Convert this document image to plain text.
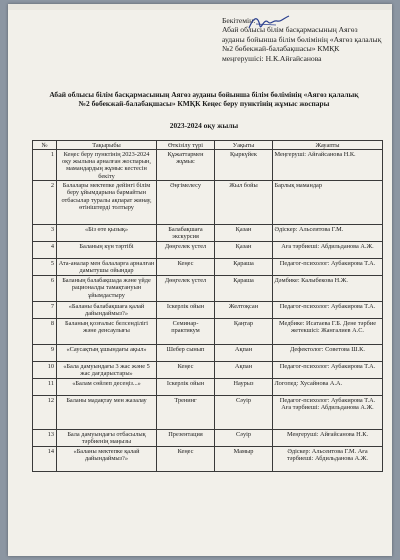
Бекітемін:
Абай облысы білім басқармасының Аягөз
ауданы бойынша білім бөлімінің «Аягөз қалалық
№2 бөбекжай-балабақшасы» КМҚК
меңгерушісі: Н.К.Айғайсанова
Абай облысы білім басқармасының Аягөз ауданы бойынша білім бөлімінің «Аягөз қалалық
№2 бөбекжай-балабақшасы» КМҚК Кеңес беру пунктінің жұмыс жоспары
2023-2024 оқу жылы
№	Тақырыбы	Өткізілу түрі	Уақыты	Жауапты
1	Кеңес беру пунктінің 2023-2024 оқу жылына арналған жоспарын, мамандардың жұмыс кестесін бекіту	Құжаттармен жұмыс	Қыркүйек	Меңгерушi: Айғайсанова Н.К.
2	Балалары мектепке дейінгі білім беру ұйымдарына бармайтын отбасылар туралы ақпарат жинау, өтініштерді толтыру	Әңгімелесу	Жыл бойы	Барлық мамандар
3	«Біз өте қызық»	Балабақшаға экскурсия	Қазан	Әдіскер: Альсеитова Г.М.
4	Баланың күн тәртібі	Дөңгелек үстел	Қазан	Аға тәрбиеші: Абдильданова А.Ж.
5	Ата-аналар мен балаларға арналған дамытушы ойындар	Кеңес	Қараша	Педагог-психолог: Аубакирова Т.А.
6	Баланың балабақшада және үйде рационалды тамақтануын ұйымдастыру	Дөңгелек үстел	Қараша	Дәмбике: Калыбекова Н.Ж.
7	«Баланы балабақшаға қалай дайындаймыз?»	Іскерлік ойын	Желтоқсан	Педагог-психолог: Аубакирова Т.А.
8	Баланың қозғалыс белсенділігі және денсаулығы	Семинар-практикум	Қаңтар	Медбике: Исатаева Г.Б. Дене тәрбие жетекшісі: Жангалиев А.С.
9	«Саусақтың ұшындағы ақыл»	Шебер сынып	Ақпан	Дефектолог: Советова Ш.К.
10	«Бала дамуындағы 3 жас және 5 жас дағдарыстары»	Кеңес	Ақпан	Педагог-психолог: Аубакирова Т.А.
11	«Балам сөйлеп десеңіз...»	Іскерлік ойын	Наурыз	Логопед: Хусайнова А.А.
12	Баланы мадақтау мен жазалау	Тренинг	Сәуір	Педагог-психолог: Аубакирова Т.А. Аға тәрбиеші: Абдильданова А.Ж.
13	Бала дамуындағы отбасылық тәрбиенің маңызы	Презентация	Сәуір	Меңгерушi: Айғайсанова Н.К.
14	«Баланы мектепке қалай дайындаймыз?»	Кеңес	Мамыр	Әдіскер: Альсеитова Г.М. Аға тәрбиеші: Абдильданова А.Ж.
